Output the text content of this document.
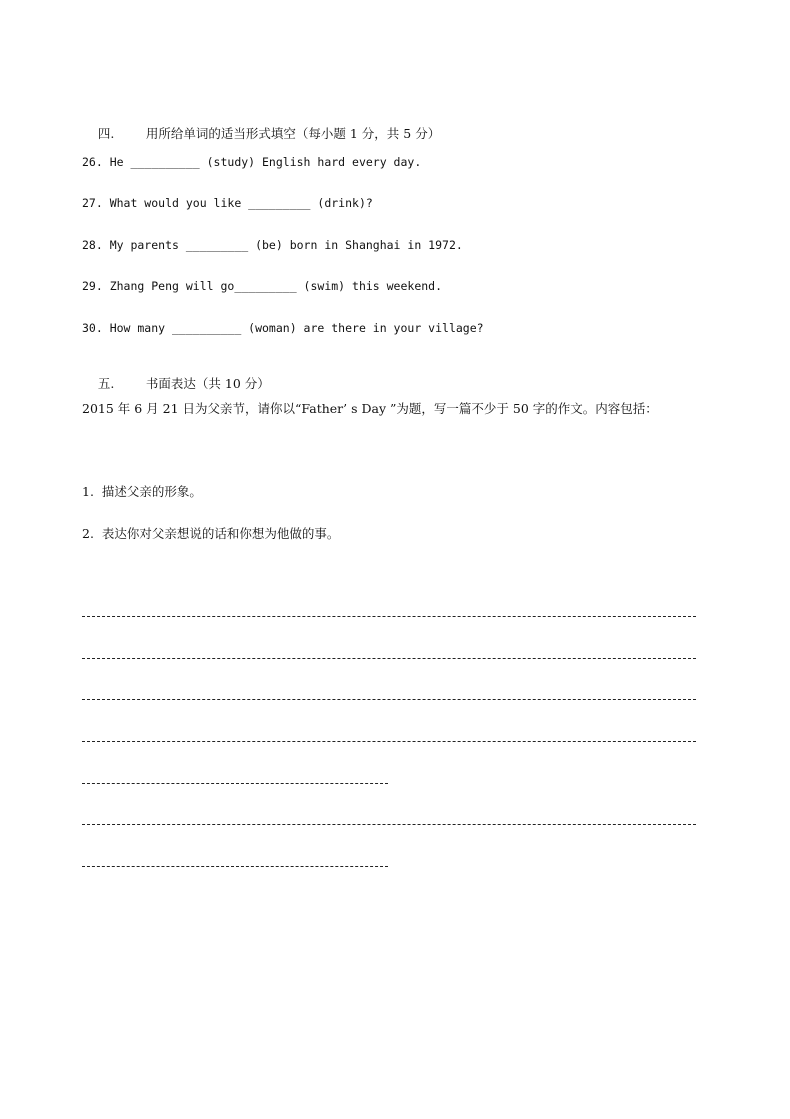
四.	用所给单词的适当形式填空（每小题 1 分，共 5 分）

26. He __________ (study) English hard every day.
27. What would you like _________ (drink)?
28. My parents _________ (be) born in Shanghai in 1972.
29. Zhang Peng will go_________ (swim) this weekend.
30. How many __________ (woman) are there in your village?

五.	书面表达（共 10 分）

2015 年 6 月 21 日为父亲节，请你以“Father’ s Day ”为题，写一篇不少于 50 字的作文。内容包括：
1.  描述父亲的形象。
2.  表达你对父亲想说的话和你想为他做的事。
